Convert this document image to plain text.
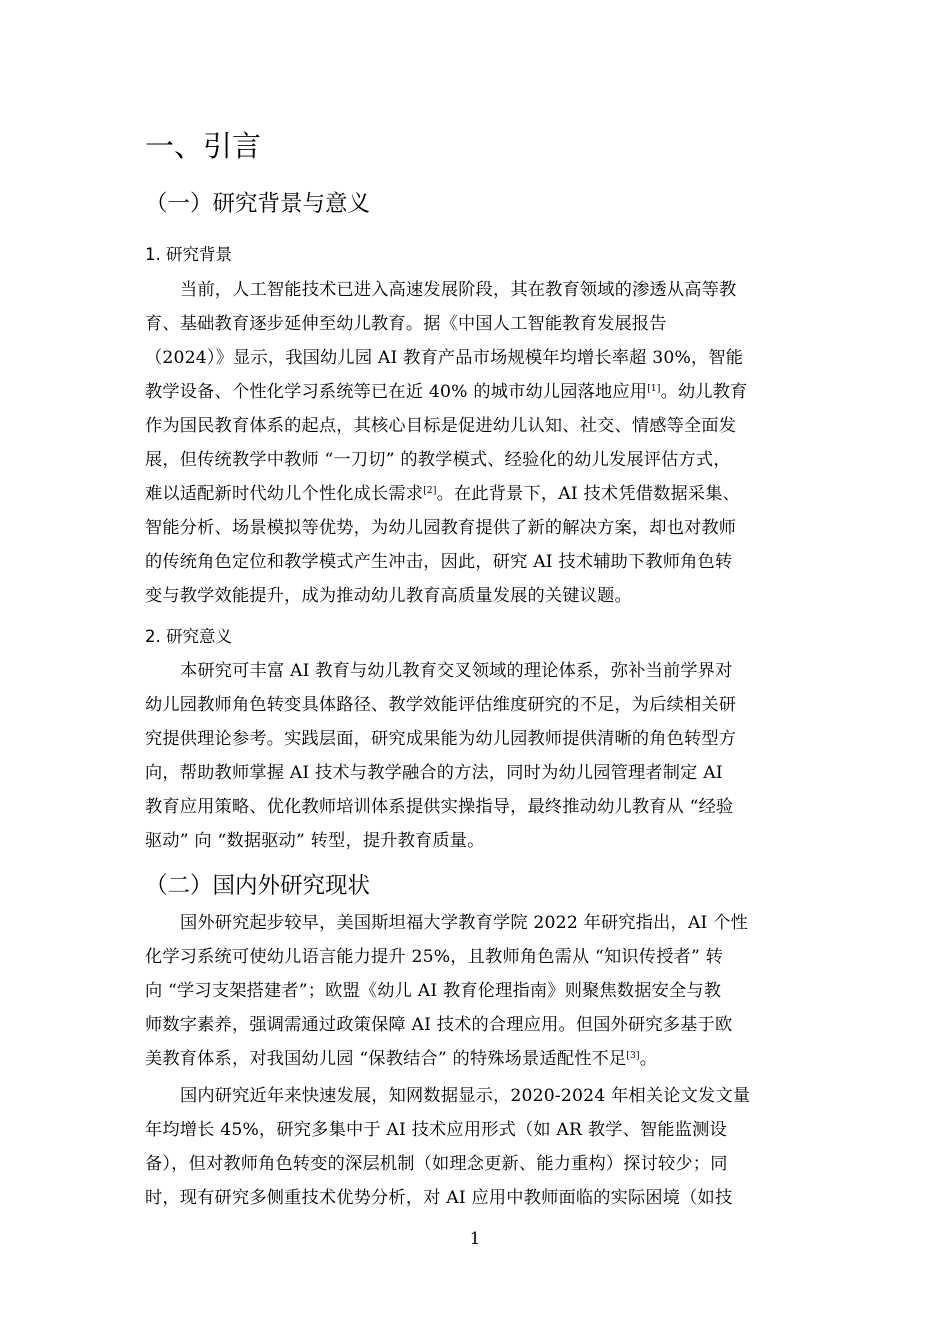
一、引言
（一）研究背景与意义
1. 研究背景
当前，人工智能技术已进入高速发展阶段，其在教育领域的渗透从高等教
育、基础教育逐步延伸至幼儿教育。据《中国人工智能教育发展报告
（2024）》显示，我国幼儿园 AI 教育产品市场规模年均增长率超 30%，智能
教学设备、个性化学习系统等已在近 40% 的城市幼儿园落地应用[1]。幼儿教育
作为国民教育体系的起点，其核心目标是促进幼儿认知、社交、情感等全面发
展，但传统教学中教师 “一刀切” 的教学模式、经验化的幼儿发展评估方式，
难以适配新时代幼儿个性化成长需求[2]。在此背景下，AI 技术凭借数据采集、
智能分析、场景模拟等优势，为幼儿园教育提供了新的解决方案，却也对教师
的传统角色定位和教学模式产生冲击，因此，研究 AI 技术辅助下教师角色转
变与教学效能提升，成为推动幼儿教育高质量发展的关键议题。
2. 研究意义
本研究可丰富 AI 教育与幼儿教育交叉领域的理论体系，弥补当前学界对
幼儿园教师角色转变具体路径、教学效能评估维度研究的不足，为后续相关研
究提供理论参考。实践层面，研究成果能为幼儿园教师提供清晰的角色转型方
向，帮助教师掌握 AI 技术与教学融合的方法，同时为幼儿园管理者制定 AI
教育应用策略、优化教师培训体系提供实操指导，最终推动幼儿教育从 “经验
驱动” 向 “数据驱动” 转型，提升教育质量。
（二）国内外研究现状
国外研究起步较早，美国斯坦福大学教育学院 2022 年研究指出，AI 个性
化学习系统可使幼儿语言能力提升 25%，且教师角色需从 “知识传授者” 转
向 “学习支架搭建者”；欧盟《幼儿 AI 教育伦理指南》则聚焦数据安全与教
师数字素养，强调需通过政策保障 AI 技术的合理应用。但国外研究多基于欧
美教育体系，对我国幼儿园 “保教结合” 的特殊场景适配性不足[3]。
国内研究近年来快速发展，知网数据显示，2020-2024 年相关论文发文量
年均增长 45%，研究多集中于 AI 技术应用形式（如 AR 教学、智能监测设
备），但对教师角色转变的深层机制（如理念更新、能力重构）探讨较少；同
时，现有研究多侧重技术优势分析，对 AI 应用中教师面临的实际困境（如技
1
